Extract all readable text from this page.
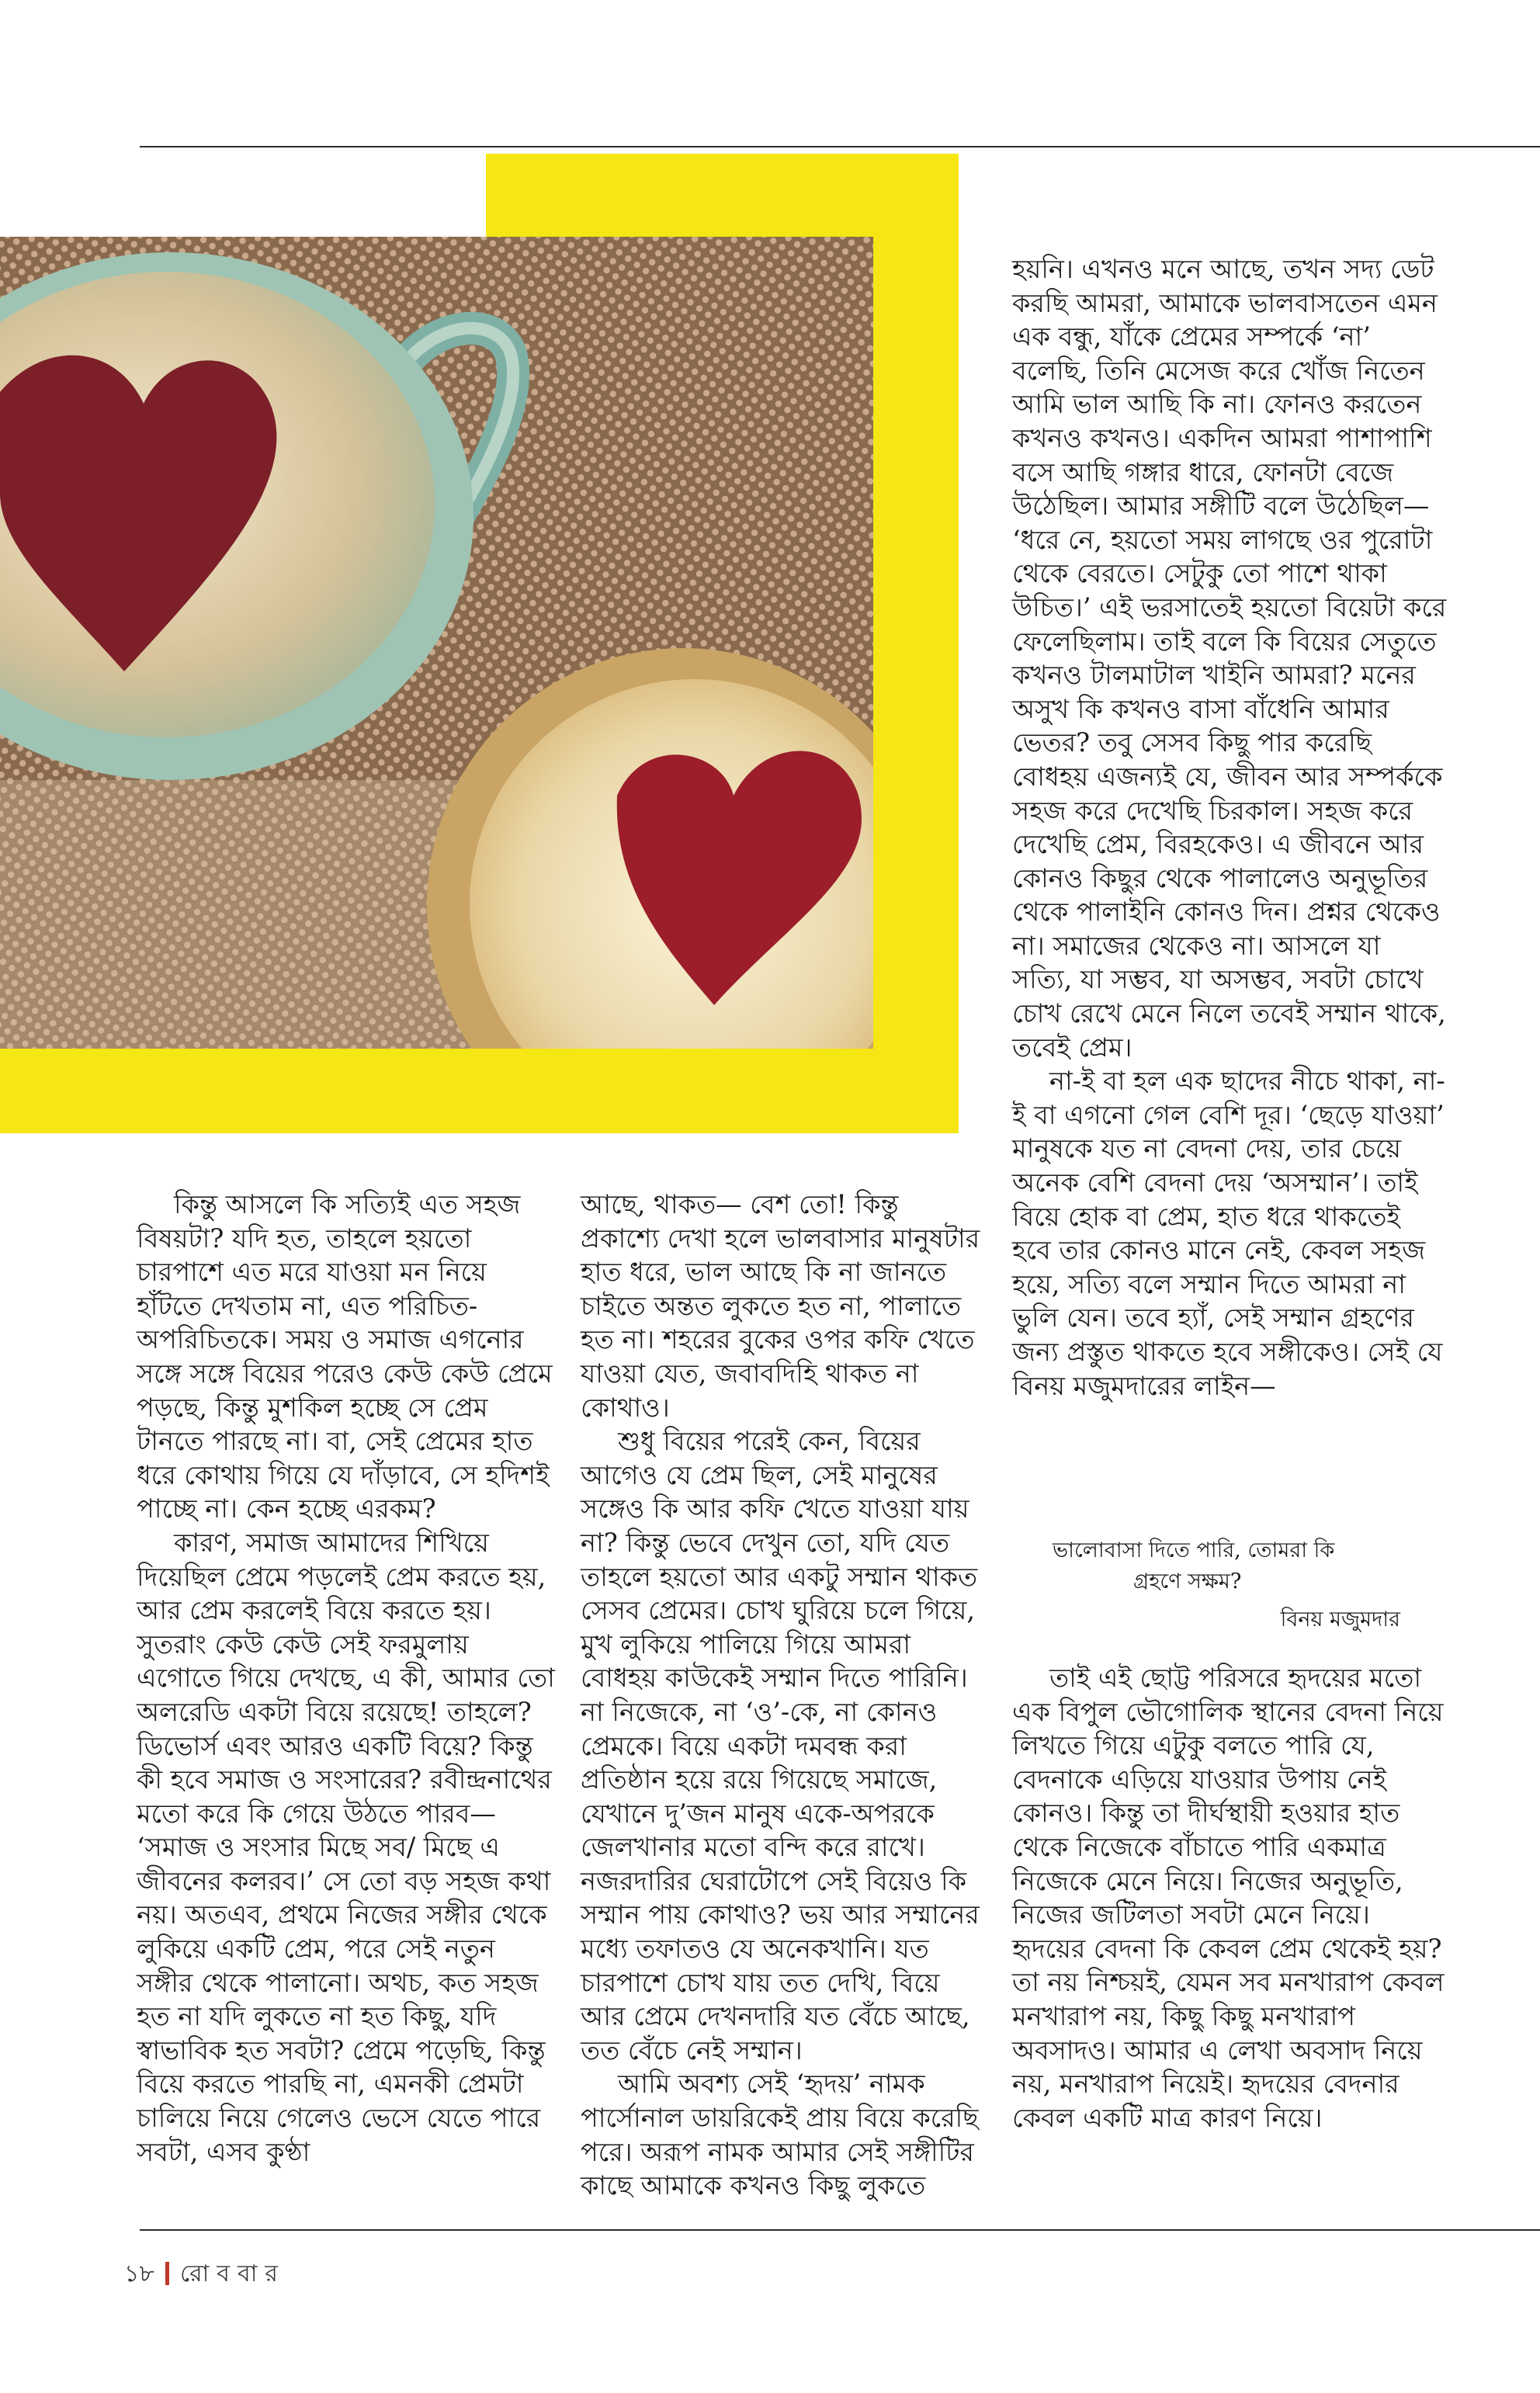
হয়নি। এখনও মনে আছে, তখন সদ্য ডেট করছি আমরা, আমাকে ভালবাসতেন এমন এক বন্ধু, যাঁকে প্রেমের সম্পর্কে ‘না’ বলেছি, তিনি মেসেজ করে খোঁজ নিতেন আমি ভাল আছি কি না। ফোনও করতেন কখনও কখনও। একদিন আমরা পাশাপাশি বসে আছি গঙ্গার ধারে, ফোনটা বেজে উঠেছিল। আমার সঙ্গীটি বলে উঠেছিল— ‘ধরে নে, হয়তো সময় লাগছে ওর পুরোটা থেকে বেরতে। সেটুকু তো পাশে থাকা উচিত।’ এই ভরসাতেই হয়তো বিয়েটা করে ফেলেছিলাম। তাই বলে কি বিয়ের সেতুতে কখনও টালমাটাল খাইনি আমরা? মনের অসুখ কি কখনও বাসা বাঁধেনি আমার ভেতর? তবু সেসব কিছু পার করেছি বোধহয় এজন্যই যে, জীবন আর সম্পর্ককে সহজ করে দেখেছি চিরকাল। সহজ করে দেখেছি প্রেম, বিরহকেও। এ জীবনে আর কোনও কিছুর থেকে পালালেও অনুভূতির থেকে পালাইনি কোনও দিন। প্রশ্নর থেকেও না। সমাজের থেকেও না। আসলে যা সত্যি, যা সম্ভব, যা অসম্ভব, সবটা চোখে চোখ রেখে মেনে নিলে তবেই সম্মান থাকে, তবেই প্রেম।

না-ই বা হল এক ছাদের নীচে থাকা, না-ই বা এগনো গেল বেশি দূর। ‘ছেড়ে যাওয়া’ মানুষকে যত না বেদনা দেয়, তার চেয়ে অনেক বেশি বেদনা দেয় ‘অসম্মান’। তাই বিয়ে হোক বা প্রেম, হাত ধরে থাকতেই হবে তার কোনও মানে নেই, কেবল সহজ হয়ে, সত্যি বলে সম্মান দিতে আমরা না ভুলি যেন। তবে হ্যাঁ, সেই সম্মান গ্রহণের জন্য প্রস্তুত থাকতে হবে সঙ্গীকেও। সেই যে বিনয় মজুমদারের লাইন—

ভালোবাসা দিতে পারি, তোমরা কি
গ্রহণে সক্ষম?
বিনয় মজুমদার

তাই এই ছোট্ট পরিসরে হৃদয়ের মতো এক বিপুল ভৌগোলিক স্থানের বেদনা নিয়ে লিখতে গিয়ে এটুকু বলতে পারি যে, বেদনাকে এড়িয়ে যাওয়ার উপায় নেই কোনও। কিন্তু তা দীর্ঘস্থায়ী হওয়ার হাত থেকে নিজেকে বাঁচাতে পারি একমাত্র নিজেকে মেনে নিয়ে। নিজের অনুভূতি, নিজের জটিলতা সবটা মেনে নিয়ে। হৃদয়ের বেদনা কি কেবল প্রেম থেকেই হয়? তা নয় নিশ্চয়ই, যেমন সব মনখারাপ কেবল মনখারাপ নয়, কিছু কিছু মনখারাপ অবসাদও। আমার এ লেখা অবসাদ নিয়ে নয়, মনখারাপ নিয়েই। হৃদয়ের বেদনার কেবল একটি মাত্র কারণ নিয়ে।

কিন্তু আসলে কি সত্যিই এত সহজ বিষয়টা? যদি হত, তাহলে হয়তো চারপাশে এত মরে যাওয়া মন নিয়ে হাঁটতে দেখতাম না, এত পরিচিত-অপরিচিতকে। সময় ও সমাজ এগনোর সঙ্গে সঙ্গে বিয়ের পরেও কেউ কেউ প্রেমে পড়ছে, কিন্তু মুশকিল হচ্ছে সে প্রেম টানতে পারছে না। বা, সেই প্রেমের হাত ধরে কোথায় গিয়ে যে দাঁড়াবে, সে হদিশই পাচ্ছে না। কেন হচ্ছে এরকম?

কারণ, সমাজ আমাদের শিখিয়ে দিয়েছিল প্রেমে পড়লেই প্রেম করতে হয়, আর প্রেম করলেই বিয়ে করতে হয়। সুতরাং কেউ কেউ সেই ফরমুলায় এগোতে গিয়ে দেখছে, এ কী, আমার তো অলরেডি একটা বিয়ে রয়েছে! তাহলে? ডিভোর্স এবং আরও একটি বিয়ে? কিন্তু কী হবে সমাজ ও সংসারের? রবীন্দ্রনাথের মতো করে কি গেয়ে উঠতে পারব— ‘সমাজ ও সংসার মিছে সব/ মিছে এ জীবনের কলরব।’ সে তো বড় সহজ কথা নয়। অতএব, প্রথমে নিজের সঙ্গীর থেকে লুকিয়ে একটি প্রেম, পরে সেই নতুন সঙ্গীর থেকে পালানো। অথচ, কত সহজ হত না যদি লুকতে না হত কিছু, যদি স্বাভাবিক হত সবটা? প্রেমে পড়েছি, কিন্তু বিয়ে করতে পারছি না, এমনকী প্রেমটা চালিয়ে নিয়ে গেলেও ভেসে যেতে পারে সবটা, এসব কুণ্ঠা

আছে, থাকত— বেশ তো! কিন্তু প্রকাশ্যে দেখা হলে ভালবাসার মানুষটার হাত ধরে, ভাল আছে কি না জানতে চাইতে অন্তত লুকতে হত না, পালাতে হত না। শহরের বুকের ওপর কফি খেতে যাওয়া যেত, জবাবদিহি থাকত না কোথাও।

শুধু বিয়ের পরেই কেন, বিয়ের আগেও যে প্রেম ছিল, সেই মানুষের সঙ্গেও কি আর কফি খেতে যাওয়া যায় না? কিন্তু ভেবে দেখুন তো, যদি যেত তাহলে হয়তো আর একটু সম্মান থাকত সেসব প্রেমের। চোখ ঘুরিয়ে চলে গিয়ে, মুখ লুকিয়ে পালিয়ে গিয়ে আমরা বোধহয় কাউকেই সম্মান দিতে পারিনি। না নিজেকে, না ‘ও’-কে, না কোনও প্রেমকে। বিয়ে একটা দমবন্ধ করা প্রতিষ্ঠান হয়ে রয়ে গিয়েছে সমাজে, যেখানে দু’জন মানুষ একে-অপরকে জেলখানার মতো বন্দি করে রাখে। নজরদারির ঘেরাটোপে সেই বিয়েও কি সম্মান পায় কোথাও? ভয় আর সম্মানের মধ্যে তফাতও যে অনেকখানি। যত চারপাশে চোখ যায় তত দেখি, বিয়ে আর প্রেমে দেখনদারি যত বেঁচে আছে, তত বেঁচে নেই সম্মান।

আমি অবশ্য সেই ‘হৃদয়’ নামক পার্সোনাল ডায়রিকেই প্রায় বিয়ে করেছি পরে। অরূপ নামক আমার সেই সঙ্গীটির কাছে আমাকে কখনও কিছু লুকতে

১৮ রোববার
